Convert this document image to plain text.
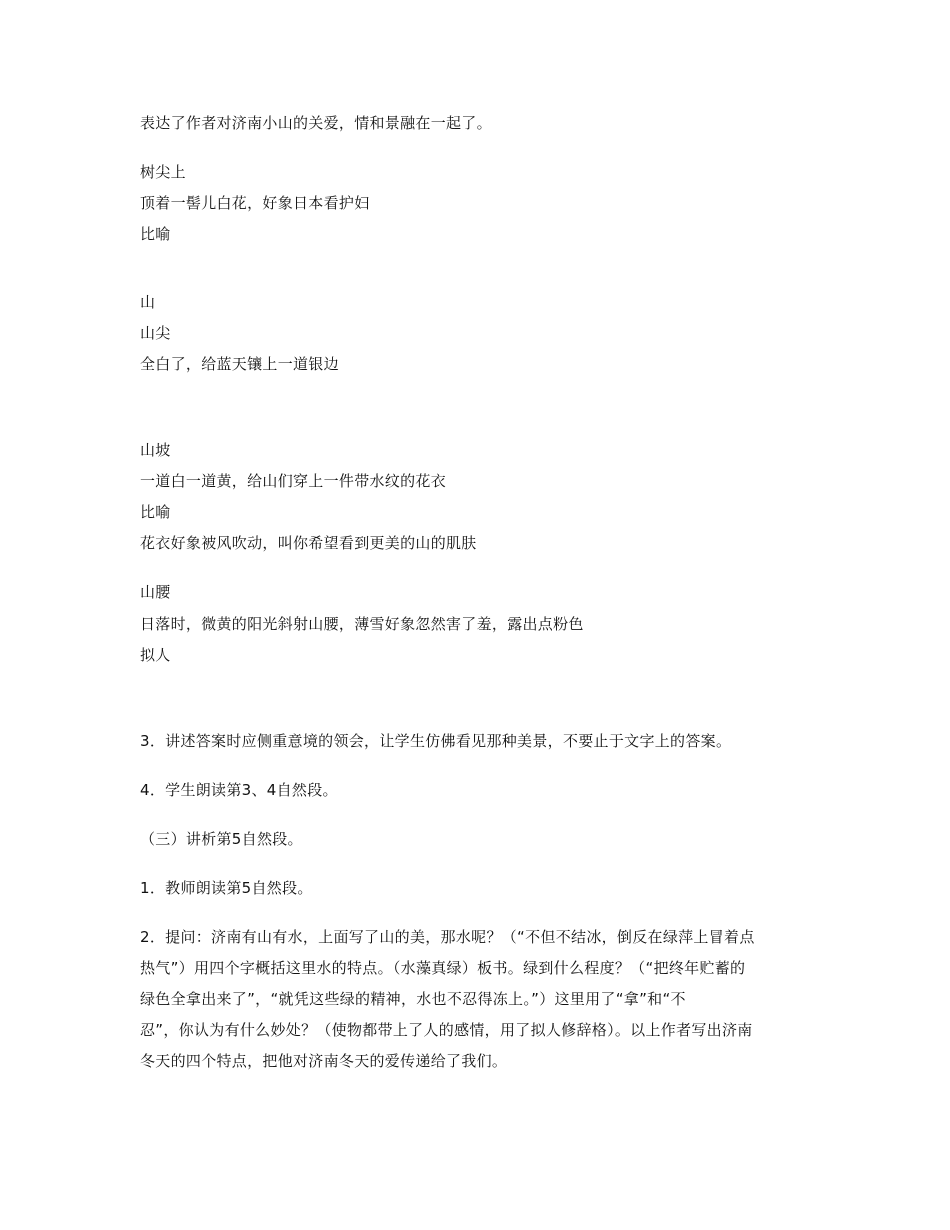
表达了作者对济南小山的关爱，情和景融在一起了。
树尖上
顶着一髻儿白花，好象日本看护妇
比喻
山
山尖
全白了，给蓝天镶上一道银边
山坡
一道白一道黄，给山们穿上一件带水纹的花衣
比喻
花衣好象被风吹动，叫你希望看到更美的山的肌肤
山腰
日落时，微黄的阳光斜射山腰，薄雪好象忽然害了羞，露出点粉色
拟人
3．讲述答案时应侧重意境的领会，让学生仿佛看见那种美景，不要止于文字上的答案。
4．学生朗读第3、4自然段。
（三）讲析第5自然段。
1．教师朗读第5自然段。
2．提问：济南有山有水，上面写了山的美，那水呢？（“不但不结冰，倒反在绿萍上冒着点
热气”）用四个字概括这里水的特点。（水藻真绿）板书。绿到什么程度？（“把终年贮蓄的
绿色全拿出来了”，“就凭这些绿的精神，水也不忍得冻上。”）这里用了“拿”和“不
忍”，你认为有什么妙处？（使物都带上了人的感情，用了拟人修辞格）。以上作者写出济南
冬天的四个特点，把他对济南冬天的爱传递给了我们。
